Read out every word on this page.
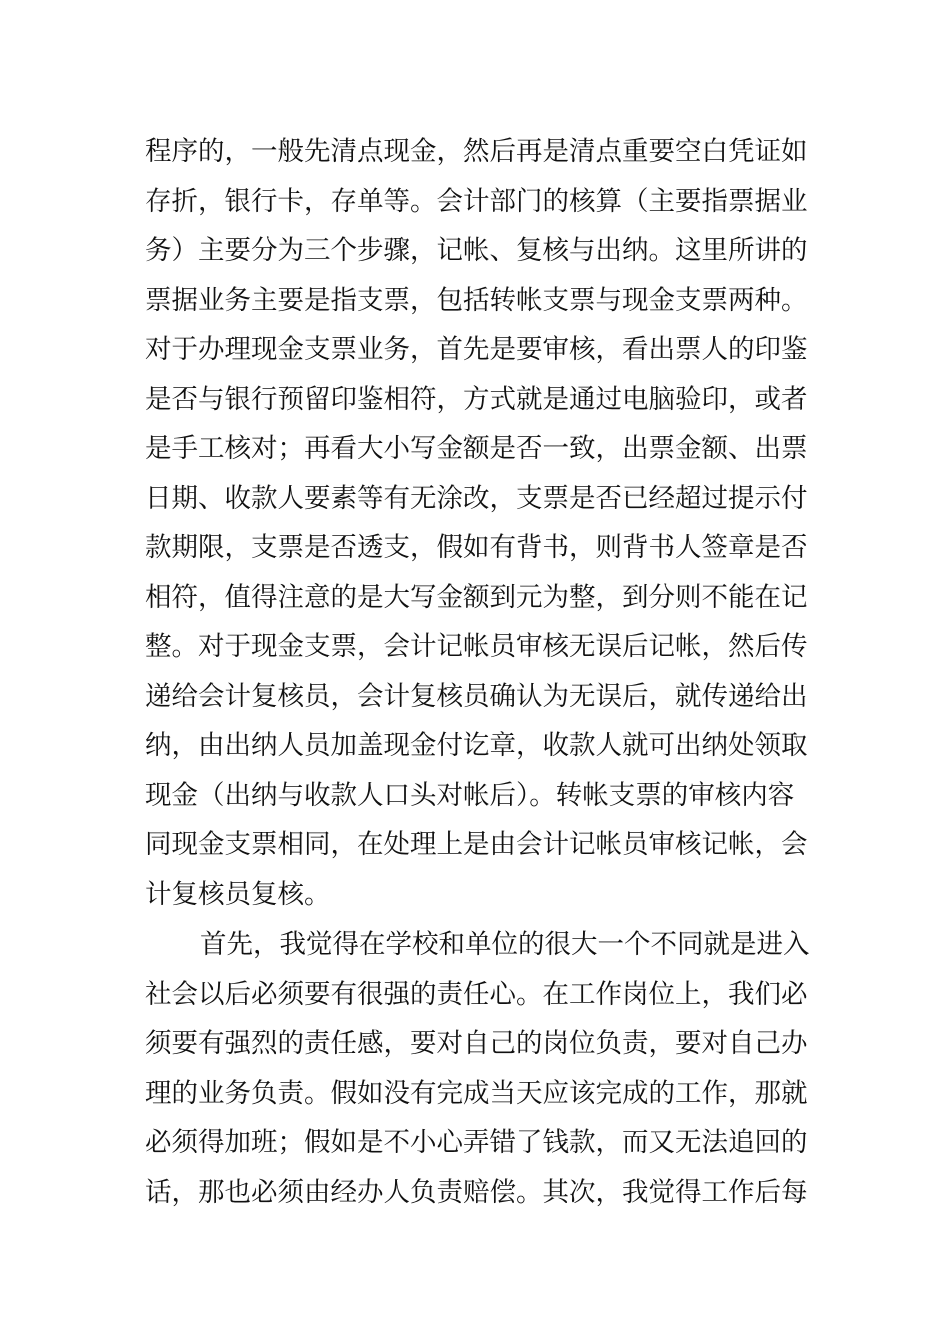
程序的，一般先清点现金，然后再是清点重要空白凭证如
存折，银行卡，存单等。会计部门的核算（主要指票据业
务）主要分为三个步骤，记帐、复核与出纳。这里所讲的
票据业务主要是指支票，包括转帐支票与现金支票两种。
对于办理现金支票业务，首先是要审核，看出票人的印鉴
是否与银行预留印鉴相符，方式就是通过电脑验印，或者
是手工核对；再看大小写金额是否一致，出票金额、出票
日期、收款人要素等有无涂改，支票是否已经超过提示付
款期限，支票是否透支，假如有背书，则背书人签章是否
相符，值得注意的是大写金额到元为整，到分则不能在记
整。对于现金支票，会计记帐员审核无误后记帐，然后传
递给会计复核员，会计复核员确认为无误后，就传递给出
纳，由出纳人员加盖现金付讫章，收款人就可出纳处领取
现金（出纳与收款人口头对帐后）。转帐支票的审核内容
同现金支票相同，在处理上是由会计记帐员审核记帐，会
计复核员复核。
首先，我觉得在学校和单位的很大一个不同就是进入
社会以后必须要有很强的责任心。在工作岗位上，我们必
须要有强烈的责任感，要对自己的岗位负责，要对自己办
理的业务负责。假如没有完成当天应该完成的工作，那就
必须得加班；假如是不小心弄错了钱款，而又无法追回的
话，那也必须由经办人负责赔偿。其次，我觉得工作后每
